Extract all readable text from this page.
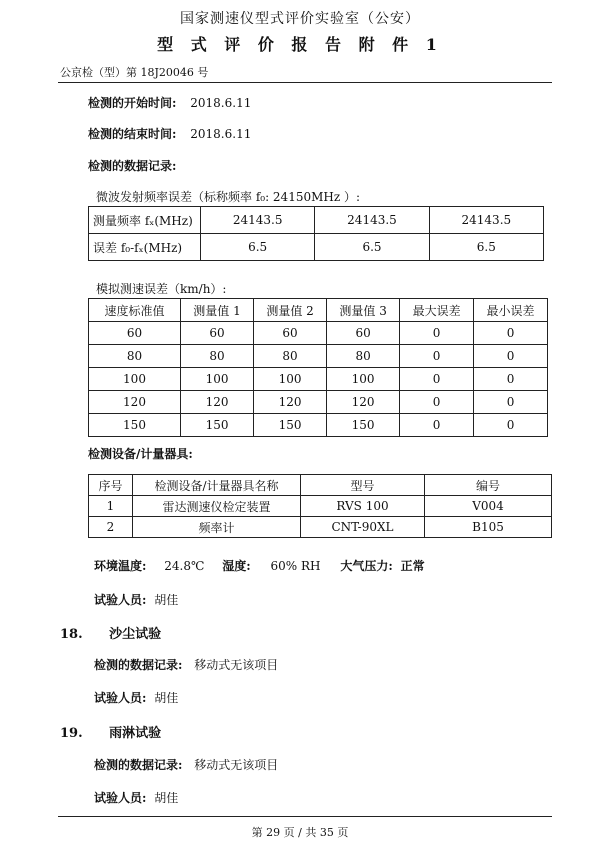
国家测速仪型式评价实验室（公安）
型 式 评 价 报 告 附 件 1
公京检（型）第 18J20046 号
检测的开始时间: 2018.6.11
检测的结束时间: 2018.6.11
检测的数据记录:
微波发射频率误差（标称频率 f₀: 24150MHz ）:
测量频率 fₓ(MHz)	24143.5	24143.5	24143.5
误差 f₀-fₓ(MHz)	6.5	6.5	6.5
模拟测速误差（km/h）:
速度标准值	测量值 1	测量值 2	测量值 3	最大误差	最小误差
60	60	60	60	0	0
80	80	80	80	0	0
100	100	100	100	0	0
120	120	120	120	0	0
150	150	150	150	0	0
检测设备/计量器具:
序号	检测设备/计量器具名称	型号	编号
1	雷达测速仪检定装置	RVS 100	V004
2	频率计	CNT-90XL	B105
环境温度: 24.8℃ 湿度: 60% RH 大气压力: 正常
试验人员: 胡佳
18. 沙尘试验
检测的数据记录: 移动式无该项目
试验人员: 胡佳
19. 雨淋试验
检测的数据记录: 移动式无该项目
试验人员: 胡佳
第 29 页 / 共 35 页
